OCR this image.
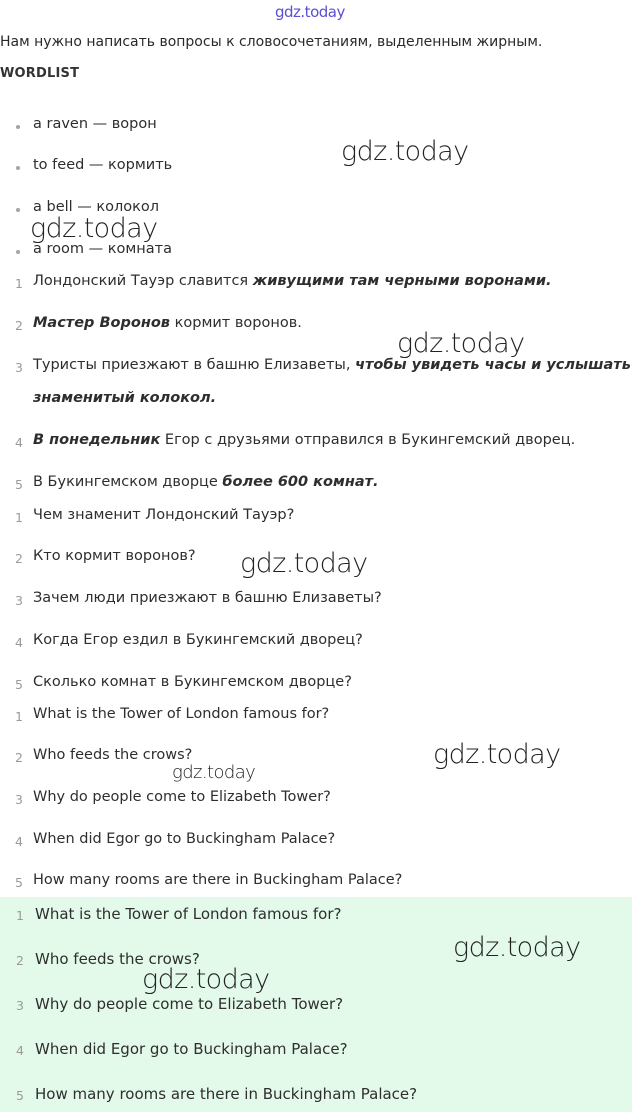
gdz.today
Нам нужно написать вопросы к словосочетаниям, выделенным жирным.
WORDLIST
a raven — ворон
to feed — кормить
a bell — колокол
a room — комната
1 Лондонский Тауэр славится живущими там черными воронами.
2 Мастер Воронов кормит воронов.
3 Туристы приезжают в башню Елизаветы, чтобы увидеть часы и услышать
знаменитый колокол.
4 В понедельник Егор с друзьями отправился в Букингемский дворец.
5 В Букингемском дворце более 600 комнат.
1 Чем знаменит Лондонский Тауэр?
2 Кто кормит воронов?
3 Зачем люди приезжают в башню Елизаветы?
4 Когда Егор ездил в Букингемский дворец?
5 Сколько комнат в Букингемском дворце?
1 What is the Tower of London famous for?
2 Who feeds the crows?
3 Why do people come to Elizabeth Tower?
4 When did Egor go to Buckingham Palace?
5 How many rooms are there in Buckingham Palace?
1 What is the Tower of London famous for?
2 Who feeds the crows?
3 Why do people come to Elizabeth Tower?
4 When did Egor go to Buckingham Palace?
5 How many rooms are there in Buckingham Palace?
gdz.today
gdz.today
gdz.today
gdz.today
gdz.today
gdz.today
gdz.today
gdz.today
